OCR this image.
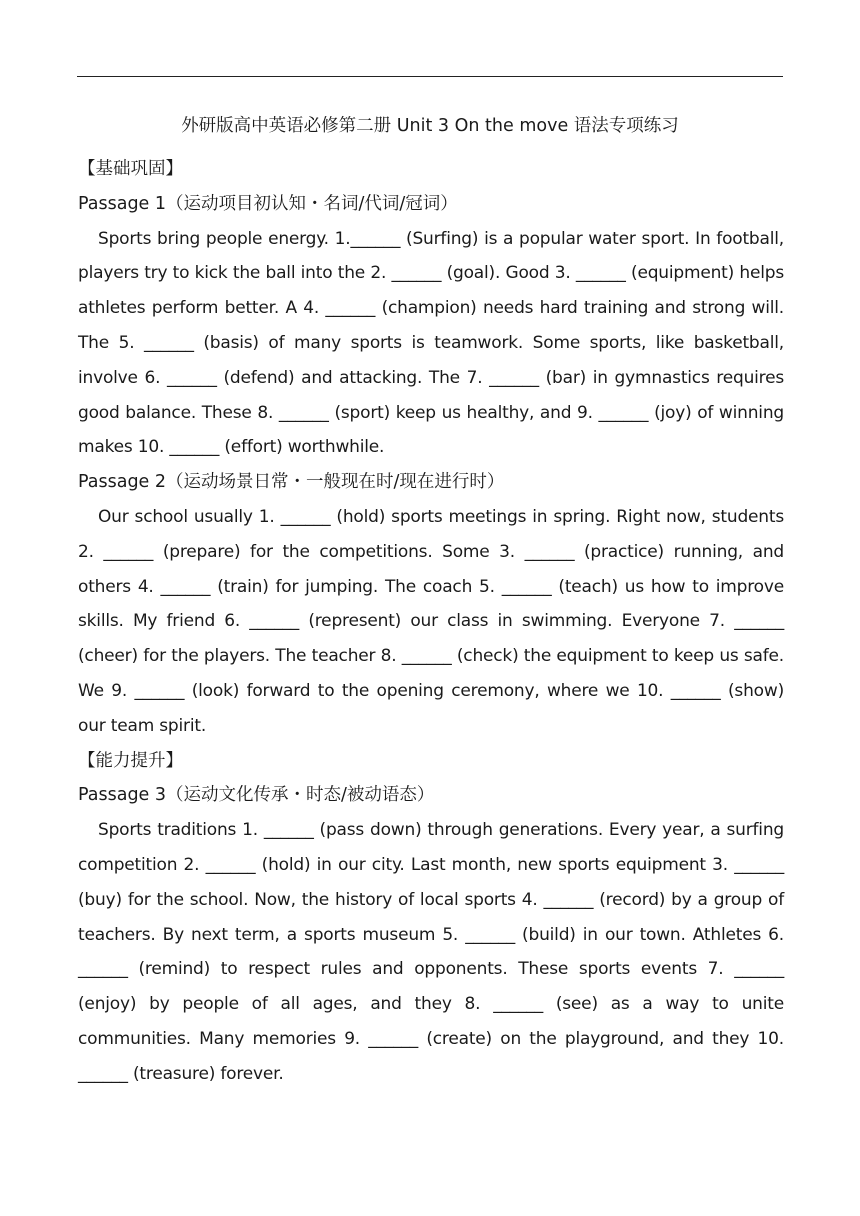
外研版高中英语必修第二册 Unit 3 On the move 语法专项练习

【基础巩固】

Passage 1（运动项目初认知・名词/代词/冠词）

Sports bring people energy. 1.______ (Surfing) is a popular water sport. In football, players try to kick the ball into the 2. ______ (goal). Good 3. ______ (equipment) helps athletes perform better. A 4. ______ (champion) needs hard training and strong will. The 5. ______ (basis) of many sports is teamwork. Some sports, like basketball, involve 6. ______ (defend) and attacking. The 7. ______ (bar) in gymnastics requires good balance. These 8. ______ (sport) keep us healthy, and 9. ______ (joy) of winning makes 10. ______ (effort) worthwhile.

Passage 2（运动场景日常・一般现在时/现在进行时）

Our school usually 1. ______ (hold) sports meetings in spring. Right now, students 2. ______ (prepare) for the competitions. Some 3. ______ (practice) running, and others 4. ______ (train) for jumping. The coach 5. ______ (teach) us how to improve skills. My friend 6. ______ (represent) our class in swimming. Everyone 7. ______ (cheer) for the players. The teacher 8. ______ (check) the equipment to keep us safe. We 9. ______ (look) forward to the opening ceremony, where we 10. ______ (show) our team spirit.

【能力提升】

Passage 3（运动文化传承・时态/被动语态）

Sports traditions 1. ______ (pass down) through generations. Every year, a surfing competition 2. ______ (hold) in our city. Last month, new sports equipment 3. ______ (buy) for the school. Now, the history of local sports 4. ______ (record) by a group of teachers. By next term, a sports museum 5. ______ (build) in our town. Athletes 6. ______ (remind) to respect rules and opponents. These sports events 7. ______ (enjoy) by people of all ages, and they 8. ______ (see) as a way to unite communities. Many memories 9. ______ (create) on the playground, and they 10. ______ (treasure) forever.
